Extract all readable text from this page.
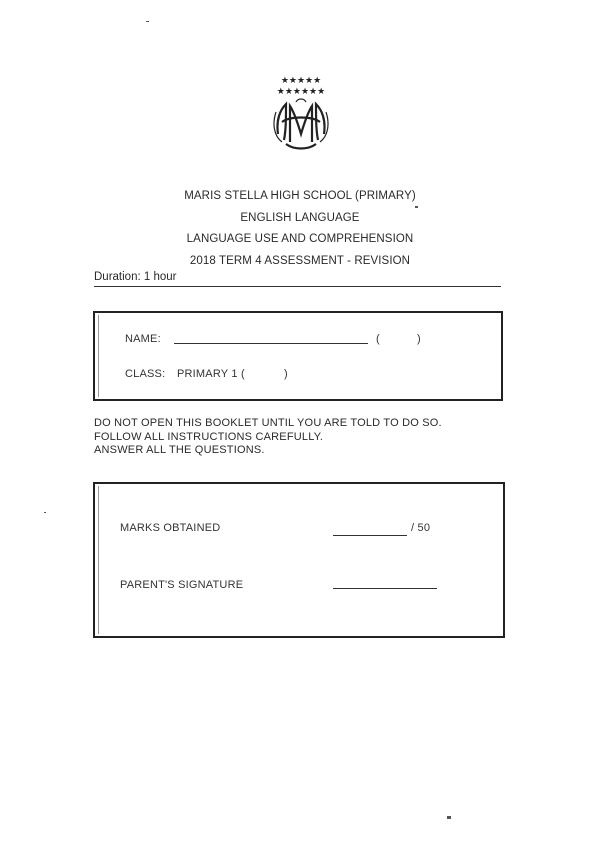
★★★★★
★★★★★★
MARIS STELLA HIGH SCHOOL (PRIMARY)
ENGLISH LANGUAGE
LANGUAGE USE AND COMPREHENSION
2018 TERM 4 ASSESSMENT - REVISION
Duration: 1 hour
NAME:	(	)
CLASS: PRIMARY 1 (	)
DO NOT OPEN THIS BOOKLET UNTIL YOU ARE TOLD TO DO SO.
FOLLOW ALL INSTRUCTIONS CAREFULLY.
ANSWER ALL THE QUESTIONS.
MARKS OBTAINED	/ 50
PARENT'S SIGNATURE
